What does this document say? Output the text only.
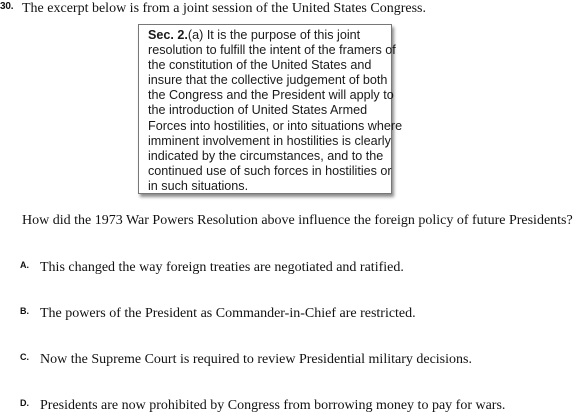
30. The excerpt below is from a joint session of the United States Congress.
Sec. 2.(a) It is the purpose of this joint
resolution to fulfill the intent of the framers of
the constitution of the United States and
insure that the collective judgement of both
the Congress and the President will apply to
the introduction of United States Armed
Forces into hostilities, or into situations where
imminent involvement in hostilities is clearly
indicated by the circumstances, and to the
continued use of such forces in hostilities or
in such situations.
How did the 1973 War Powers Resolution above influence the foreign policy of future Presidents?
A. This changed the way foreign treaties are negotiated and ratified.
B. The powers of the President as Commander-in-Chief are restricted.
C. Now the Supreme Court is required to review Presidential military decisions.
D. Presidents are now prohibited by Congress from borrowing money to pay for wars.
